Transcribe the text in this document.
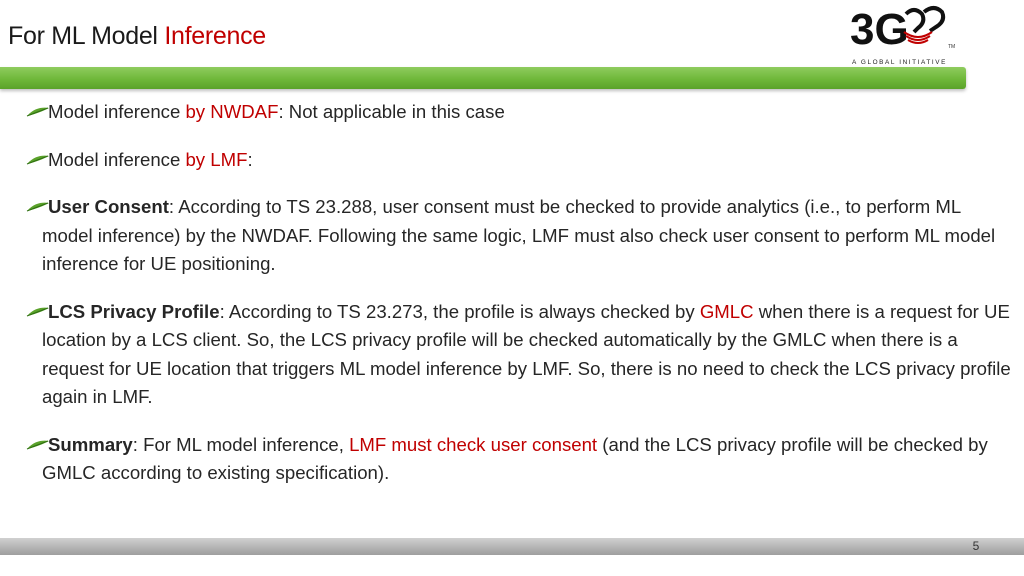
For ML Model Inference	3G	TM
A GLOBAL INITIATIVE

Model inference by NWDAF: Not applicable in this case

Model inference by LMF:

User Consent: According to TS 23.288, user consent must be checked to provide analytics (i.e., to perform ML model inference) by the NWDAF. Following the same logic, LMF must also check user consent to perform ML model inference for UE positioning.

LCS Privacy Profile: According to TS 23.273, the profile is always checked by GMLC when there is a request for UE location by a LCS client. So, the LCS privacy profile will be checked automatically by the GMLC when there is a request for UE location that triggers ML model inference by LMF. So, there is no need to check the LCS privacy profile again in LMF.

Summary: For ML model inference, LMF must check user consent (and the LCS privacy profile will be checked by GMLC according to existing specification).

5
